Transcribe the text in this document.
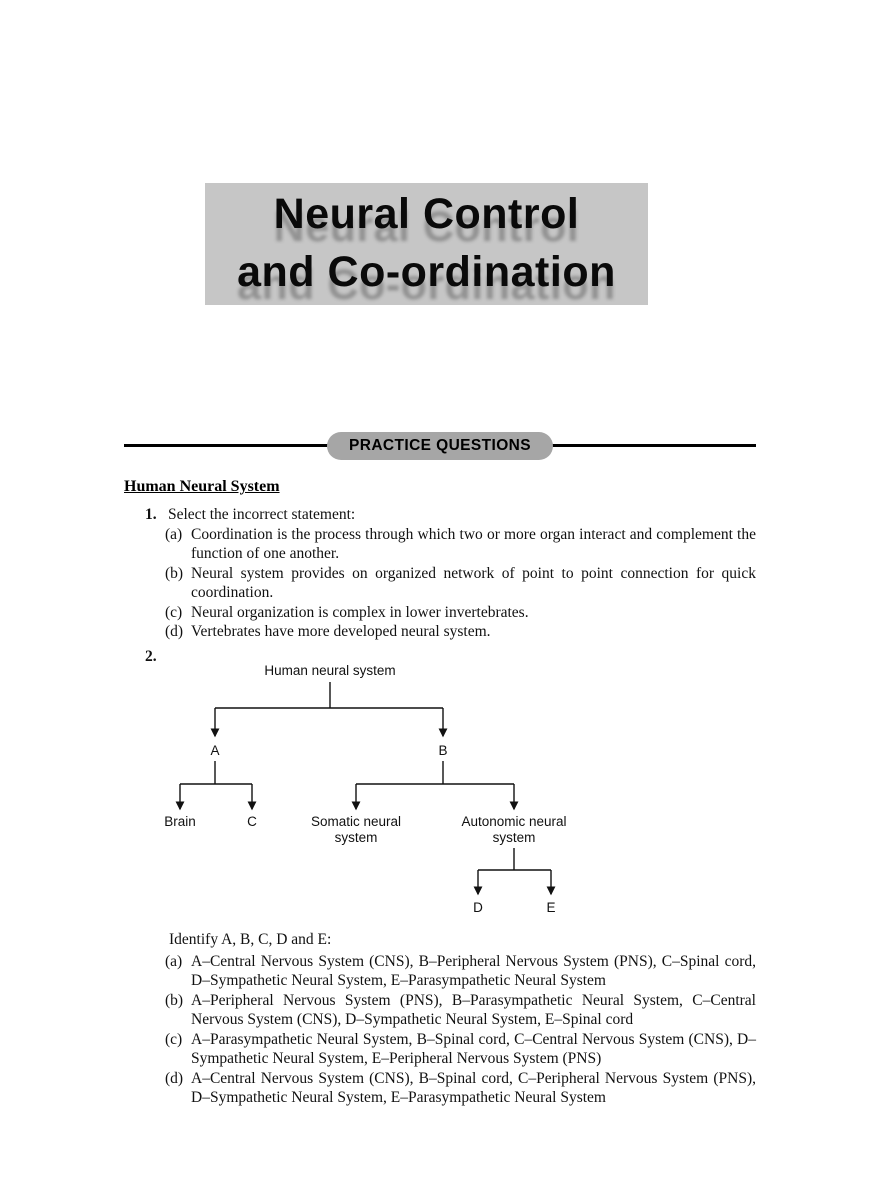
Neural Control
and Co-ordination
PRACTICE QUESTIONS
Human Neural System
1. Select the incorrect statement:
(a) Coordination is the process through which two or more organ interact and complement the function of one another.
(b) Neural system provides on organized network of point to point connection for quick coordination.
(c) Neural organization is complex in lower invertebrates.
(d) Vertebrates have more developed neural system.
2.
Human neural system
A	B
Brain	C	Somatic neural
system
Autonomic neural
system
D	E
Identify A, B, C, D and E:
(a) A–Central Nervous System (CNS), B–Peripheral Nervous System (PNS), C–Spinal cord, D–Sympathetic Neural System, E–Parasympathetic Neural System
(b) A–Peripheral Nervous System (PNS), B–Parasympathetic Neural System, C–Central Nervous System (CNS), D–Sympathetic Neural System, E–Spinal cord
(c) A–Parasympathetic Neural System, B–Spinal cord, C–Central Nervous System (CNS), D–Sympathetic Neural System, E–Peripheral Nervous System (PNS)
(d) A–Central Nervous System (CNS), B–Spinal cord, C–Peripheral Nervous System (PNS), D–Sympathetic Neural System, E–Parasympathetic Neural System
